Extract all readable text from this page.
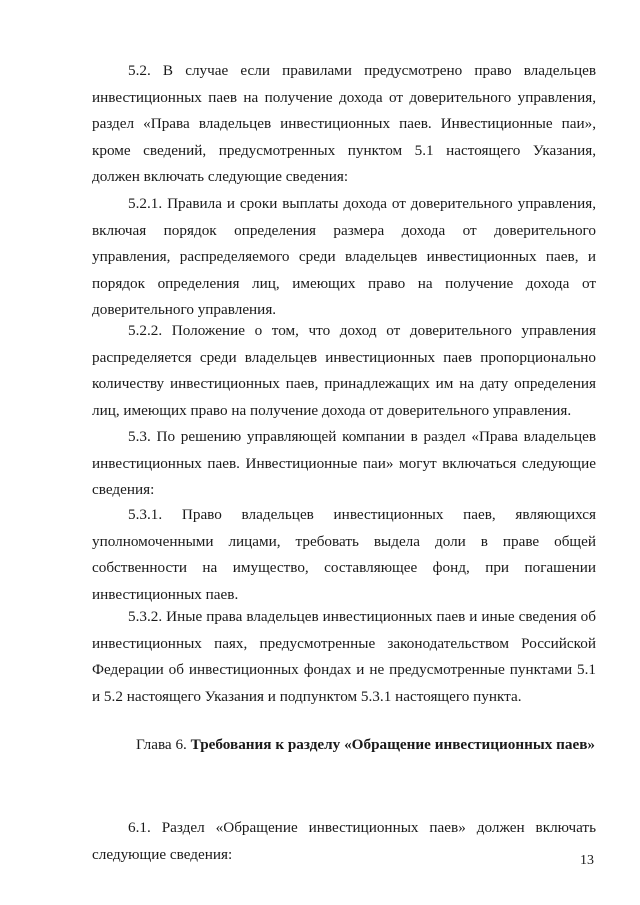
5.2. В случае если правилами предусмотрено право владельцев
инвестиционных паев на получение дохода от доверительного управления,
раздел «Права владельцев инвестиционных паев. Инвестиционные паи»,
кроме сведений, предусмотренных пунктом 5.1 настоящего Указания,
должен включать следующие сведения:
5.2.1. Правила и сроки выплаты дохода от доверительного управления,
включая порядок определения размера дохода от доверительного
управления, распределяемого среди владельцев инвестиционных паев, и
порядок определения лиц, имеющих право на получение дохода от
доверительного управления.
5.2.2. Положение о том, что доход от доверительного управления
распределяется среди владельцев инвестиционных паев пропорционально
количеству инвестиционных паев, принадлежащих им на дату определения
лиц, имеющих право на получение дохода от доверительного управления.
5.3. По решению управляющей компании в раздел «Права владельцев
инвестиционных паев. Инвестиционные паи» могут включаться следующие
сведения:
5.3.1. Право владельцев инвестиционных паев, являющихся
уполномоченными лицами, требовать выдела доли в праве общей
собственности на имущество, составляющее фонд, при погашении
инвестиционных паев.
5.3.2. Иные права владельцев инвестиционных паев и иные сведения об
инвестиционных паях, предусмотренные законодательством Российской
Федерации об инвестиционных фондах и не предусмотренные пунктами 5.1
и 5.2 настоящего Указания и подпунктом 5.3.1 настоящего пункта.
Глава 6. Требования к разделу «Обращение инвестиционных паев»
6.1. Раздел «Обращение инвестиционных паев» должен включать
следующие сведения:	13
